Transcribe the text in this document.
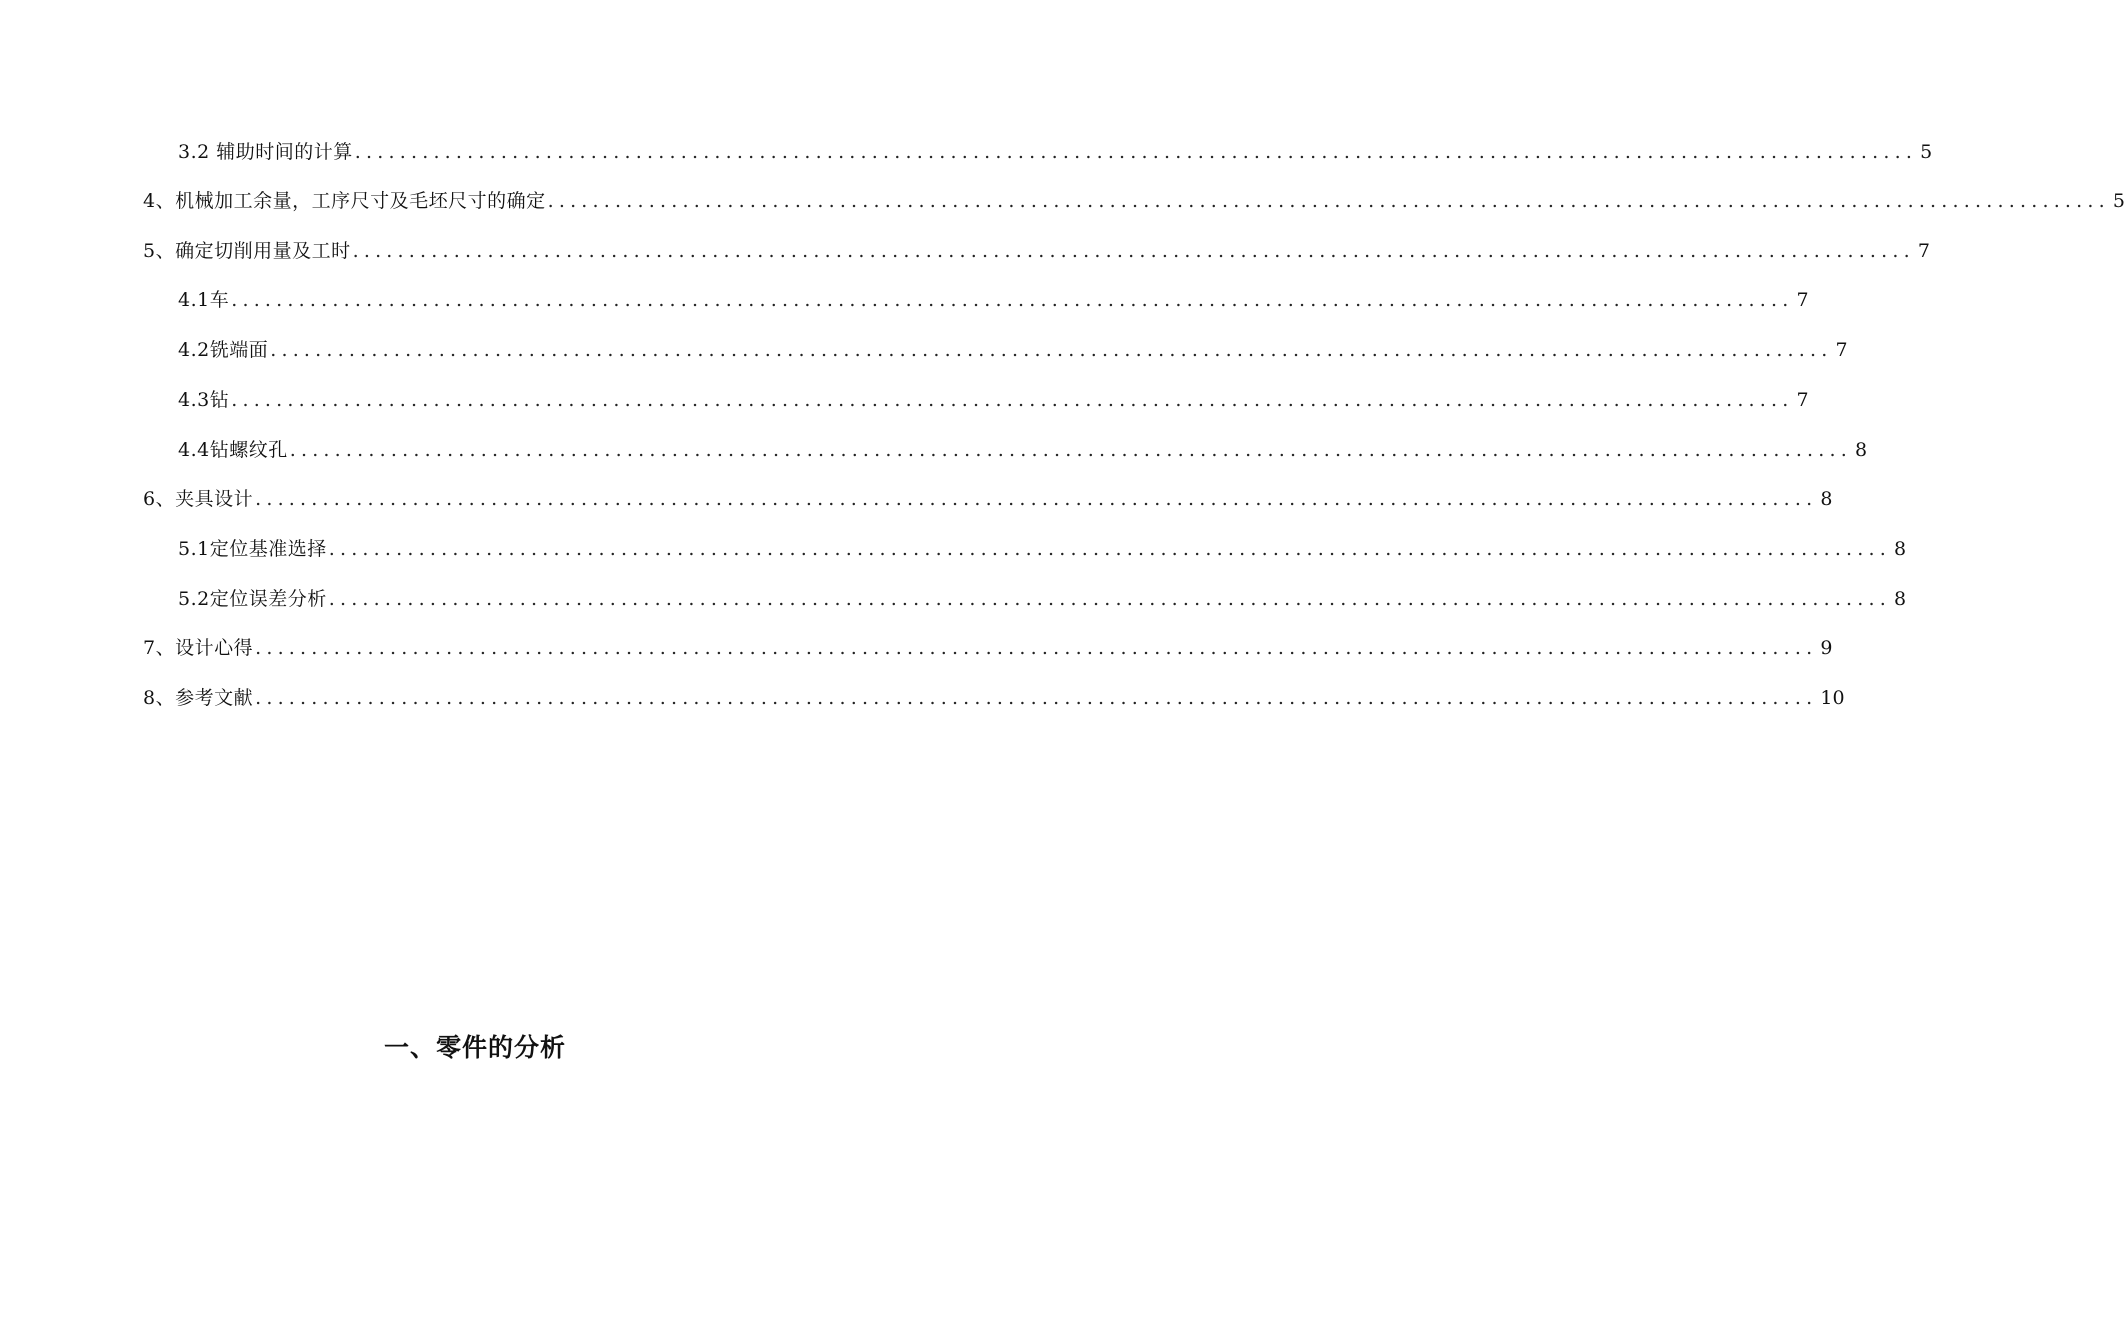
3.2 辅助时间的计算 ........................................................................................................................................... 5
4、机械加工余量，工序尺寸及毛坯尺寸的确定 ........................................................................................................................................... 5
5、确定切削用量及工时 ........................................................................................................................................... 7
4.1车 ........................................................................................................................................... 7
4.2铣端面 ........................................................................................................................................... 7
4.3钻 ........................................................................................................................................... 7
4.4钻螺纹孔 ........................................................................................................................................... 8
6、夹具设计 ........................................................................................................................................... 8
5.1定位基准选择 ........................................................................................................................................... 8
5.2定位误差分析 ........................................................................................................................................... 8
7、设计心得 ........................................................................................................................................... 9
8、参考文献 ........................................................................................................................................... 10
一、零件的分析
